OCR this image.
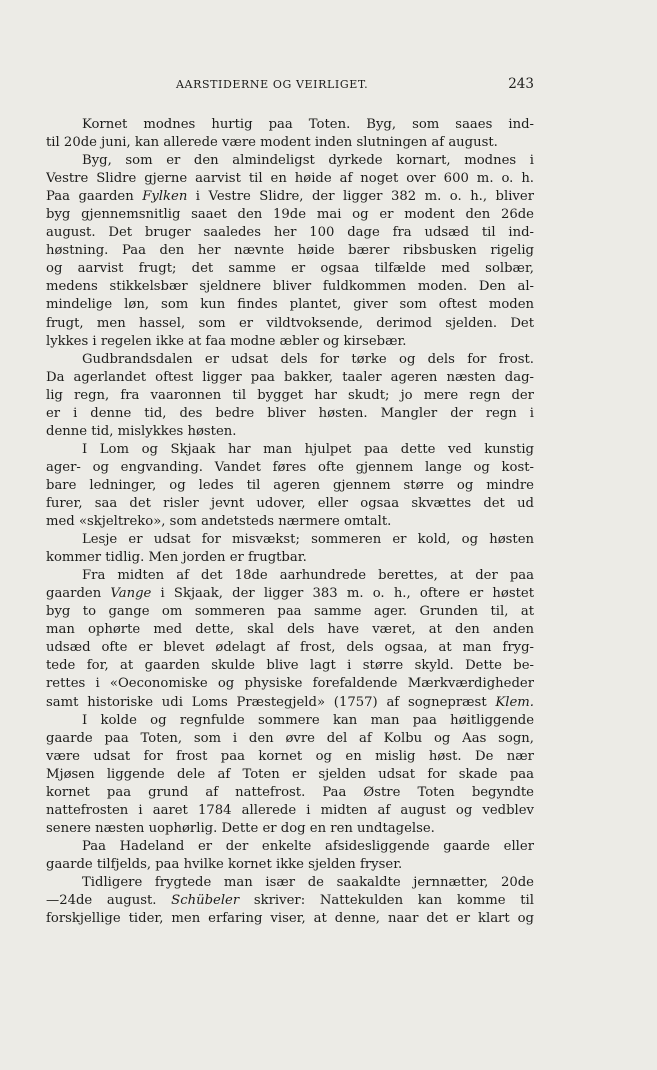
AARSTIDERNE OG VEIRLIGET.	243
Kornet modnes hurtig paa Toten. Byg, som saaes ind-
til 20de juni, kan allerede være modent inden slutningen af august.
Byg, som er den almindeligst dyrkede kornart, modnes i
Vestre Slidre gjerne aarvist til en høide af noget over 600 m. o. h.
Paa gaarden Fylken i Vestre Slidre, der ligger 382 m. o. h., bliver
byg gjennemsnitlig saaet den 19de mai og er modent den 26de
august. Det bruger saaledes her 100 dage fra udsæd til ind-
høstning. Paa den her nævnte høide bærer ribsbusken rigelig
og aarvist frugt; det samme er ogsaa tilfælde med solbær,
medens stikkelsbær sjeldnere bliver fuldkommen moden. Den al-
mindelige løn, som kun findes plantet, giver som oftest moden
frugt, men hassel, som er vildtvoksende, derimod sjelden. Det
lykkes i regelen ikke at faa modne æbler og kirsebær.
Gudbrandsdalen er udsat dels for tørke og dels for frost.
Da agerlandet oftest ligger paa bakker, taaler ageren næsten dag-
lig regn, fra vaaronnen til bygget har skudt; jo mere regn der
er i denne tid, des bedre bliver høsten. Mangler der regn i
denne tid, mislykkes høsten.
I Lom og Skjaak har man hjulpet paa dette ved kunstig
ager- og engvanding. Vandet føres ofte gjennem lange og kost-
bare ledninger, og ledes til ageren gjennem større og mindre
furer, saa det risler jevnt udover, eller ogsaa skvættes det ud
med «skjeltreko», som andetsteds nærmere omtalt.
Lesje er udsat for misvækst; sommeren er kold, og høsten
kommer tidlig. Men jorden er frugtbar.
Fra midten af det 18de aarhundrede berettes, at der paa
gaarden Vange i Skjaak, der ligger 383 m. o. h., oftere er høstet
byg to gange om sommeren paa samme ager. Grunden til, at
man ophørte med dette, skal dels have været, at den anden
udsæd ofte er blevet ødelagt af frost, dels ogsaa, at man fryg-
tede for, at gaarden skulde blive lagt i større skyld. Dette be-
rettes i «Oeconomiske og physiske forefaldende Mærkværdigheder
samt historiske udi Loms Præstegjeld» (1757) af sognepræst Klem.
I kolde og regnfulde sommere kan man paa høitliggende
gaarde paa Toten, som i den øvre del af Kolbu og Aas sogn,
være udsat for frost paa kornet og en mislig høst. De nær
Mjøsen liggende dele af Toten er sjelden udsat for skade paa
kornet paa grund af nattefrost. Paa Østre Toten begyndte
nattefrosten i aaret 1784 allerede i midten af august og vedblev
senere næsten uophørlig. Dette er dog en ren undtagelse.
Paa Hadeland er der enkelte afsidesliggende gaarde eller
gaarde tilfjelds, paa hvilke kornet ikke sjelden fryser.
Tidligere frygtede man især de saakaldte jernnætter, 20de
—24de august. Schübeler skriver: Nattekulden kan komme til
forskjellige tider, men erfaring viser, at denne, naar det er klart og
